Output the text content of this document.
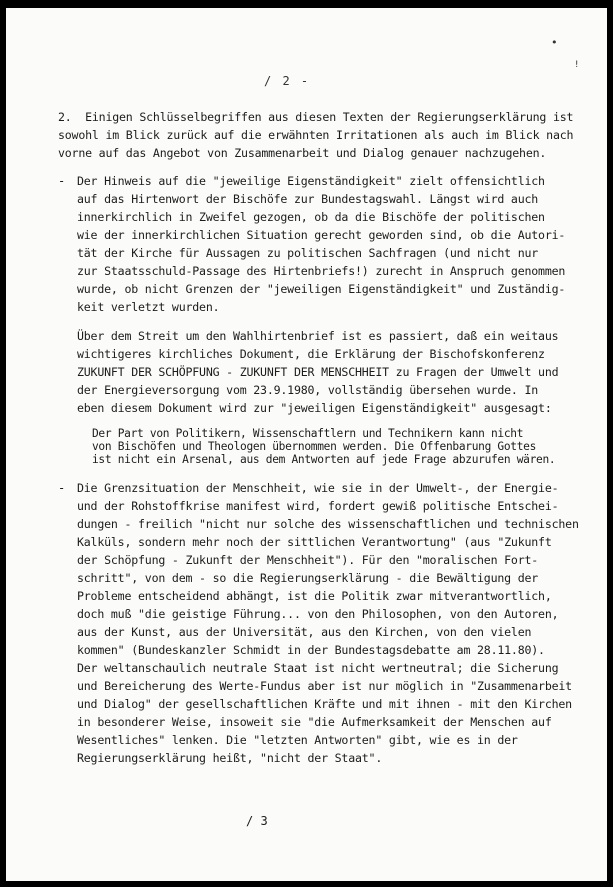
/ 2 -
•
!
2.  Einigen Schlüsselbegriffen aus diesen Texten der Regierungserklärung ist
sowohl im Blick zurück auf die erwähnten Irritationen als auch im Blick nach
vorne auf das Angebot von Zusammenarbeit und Dialog genauer nachzugehen.
- Der Hinweis auf die "jeweilige Eigenständigkeit" zielt offensichtlich
auf das Hirtenwort der Bischöfe zur Bundestagswahl. Längst wird auch
innerkirchlich in Zweifel gezogen, ob da die Bischöfe der politischen
wie der innerkirchlichen Situation gerecht geworden sind, ob die Autori-
tät der Kirche für Aussagen zu politischen Sachfragen (und nicht nur
zur Staatsschuld-Passage des Hirtenbriefs!) zurecht in Anspruch genommen
wurde, ob nicht Grenzen der "jeweiligen Eigenständigkeit" und Zuständig-
keit verletzt wurden.
Über dem Streit um den Wahlhirtenbrief ist es passiert, daß ein weitaus
wichtigeres kirchliches Dokument, die Erklärung der Bischofskonferenz
ZUKUNFT DER SCHÖPFUNG - ZUKUNFT DER MENSCHHEIT zu Fragen der Umwelt und
der Energieversorgung vom 23.9.1980, vollständig übersehen wurde. In
eben diesem Dokument wird zur "jeweiligen Eigenständigkeit" ausgesagt:
Der Part von Politikern, Wissenschaftlern und Technikern kann nicht
von Bischöfen und Theologen übernommen werden. Die Offenbarung Gottes
ist nicht ein Arsenal, aus dem Antworten auf jede Frage abzurufen wären.
- Die Grenzsituation der Menschheit, wie sie in der Umwelt-, der Energie-
und der Rohstoffkrise manifest wird, fordert gewiß politische Entschei-
dungen - freilich "nicht nur solche des wissenschaftlichen und technischen
Kalküls, sondern mehr noch der sittlichen Verantwortung" (aus "Zukunft
der Schöpfung - Zukunft der Menschheit"). Für den "moralischen Fort-
schritt", von dem - so die Regierungserklärung - die Bewältigung der
Probleme entscheidend abhängt, ist die Politik zwar mitverantwortlich,
doch muß "die geistige Führung... von den Philosophen, von den Autoren,
aus der Kunst, aus der Universität, aus den Kirchen, von den vielen
kommen" (Bundeskanzler Schmidt in der Bundestagsdebatte am 28.11.80).
Der weltanschaulich neutrale Staat ist nicht wertneutral; die Sicherung
und Bereicherung des Werte-Fundus aber ist nur möglich in "Zusammenarbeit
und Dialog" der gesellschaftlichen Kräfte und mit ihnen - mit den Kirchen
in besonderer Weise, insoweit sie "die Aufmerksamkeit der Menschen auf
Wesentliches" lenken. Die "letzten Antworten" gibt, wie es in der
Regierungserklärung heißt, "nicht der Staat".
/ 3
